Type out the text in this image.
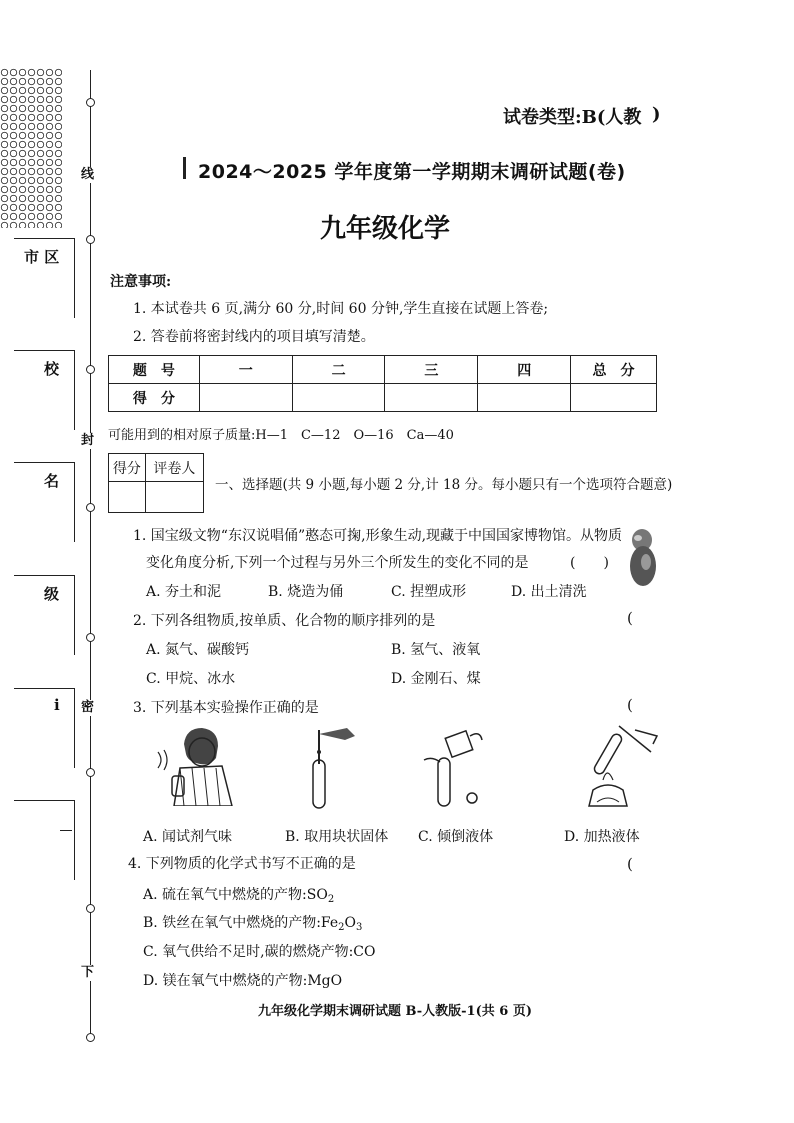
线
封
密
下
市 区
校
名
级
i
试卷类型:B(人教 )
2024～2025 学年度第一学期期末调研试题(卷)
九年级化学
注意事项:
1. 本试卷共 6 页,满分 60 分,时间 60 分钟,学生直接在试题上答卷;
2. 答卷前将密封线内的项目填写清楚。
题　号	一	二	三	四	总　分
得　分					
可能用到的相对原子质量:H—1　C—12　O—16　Ca—40
得分	评卷人

一、选择题(共 9 小题,每小题 2 分,计 18 分。每小题只有一个选项符合题意)
1. 国宝级文物“东汉说唱俑”憨态可掬,形象生动,现藏于中国国家博物馆。从物质
变化角度分析,下列一个过程与另外三个所发生的变化不同的是	(　　)
A. 夯土和泥	B. 烧造为俑	C. 捏塑成形	D. 出土清洗
2. 下列各组物质,按单质、化合物的顺序排列的是	(
A. 氮气、碳酸钙	B. 氢气、液氧
C. 甲烷、冰水	D. 金刚石、煤
3. 下列基本实验操作正确的是	(
A. 闻试剂气味	B. 取用块状固体 C. 倾倒液体	D. 加热液体
4. 下列物质的化学式书写不正确的是	(
A. 硫在氧气中燃烧的产物$:SO_2$
B. 铁丝在氧气中燃烧的产物$:Fe_2O_3$
C. 氧气供给不足时,碳的燃烧产物:CO
D. 镁在氧气中燃烧的产物:MgO
九年级化学期末调研试题 B-人教版-1(共 6 页)
